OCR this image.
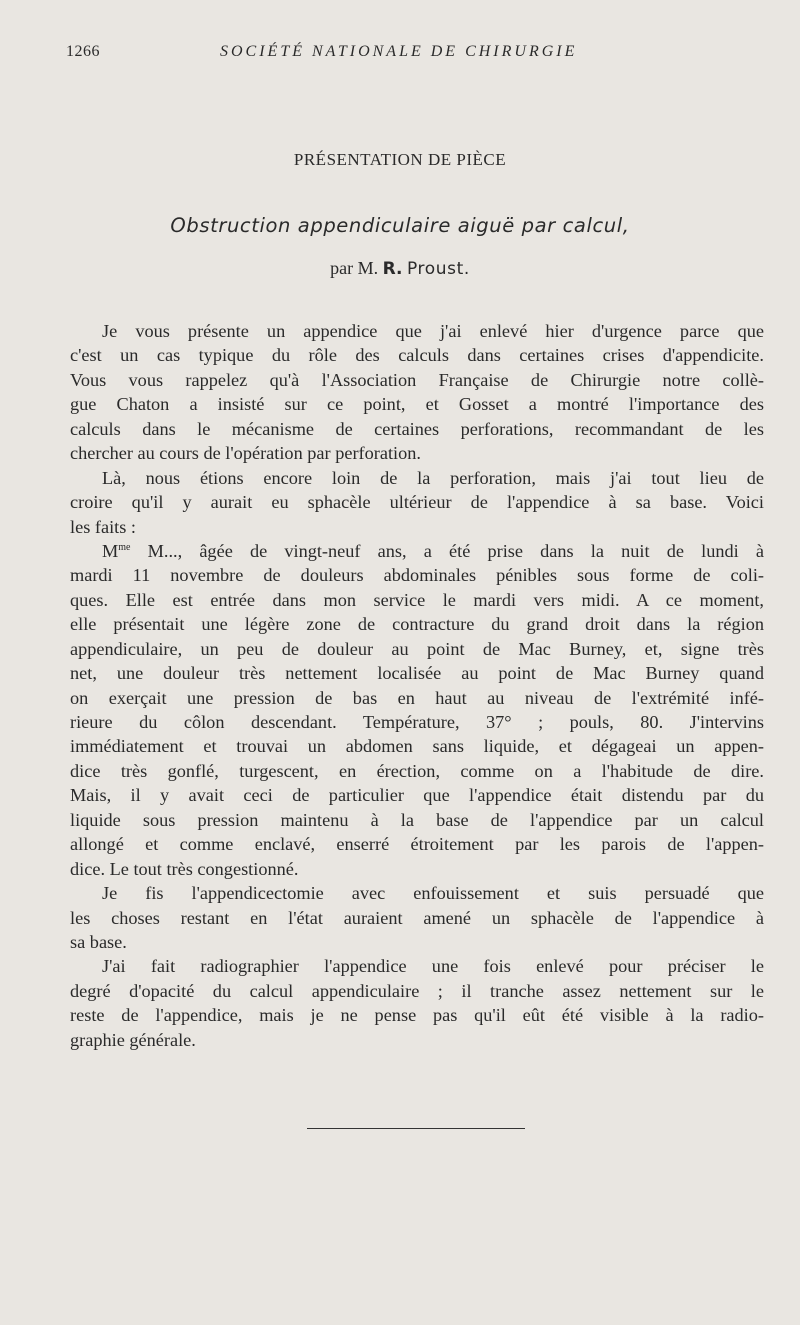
1266	SOCIÉTÉ NATIONALE DE CHIRURGIE
PRÉSENTATION DE PIÈCE
Obstruction appendiculaire aiguë par calcul,
par M. R. Proust.
Je vous présente un appendice que j'ai enlevé hier d'urgence parce que
c'est un cas typique du rôle des calculs dans certaines crises d'appendicite.
Vous vous rappelez qu'à l'Association Française de Chirurgie notre collè-
gue Chaton a insisté sur ce point, et Gosset a montré l'importance des
calculs dans le mécanisme de certaines perforations, recommandant de les
chercher au cours de l'opération par perforation.
Là, nous étions encore loin de la perforation, mais j'ai tout lieu de
croire qu'il y aurait eu sphacèle ultérieur de l'appendice à sa base. Voici
les faits :
$M^{me}$ M..., âgée de vingt-neuf ans, a été prise dans la nuit de lundi à
mardi 11 novembre de douleurs abdominales pénibles sous forme de coli-
ques. Elle est entrée dans mon service le mardi vers midi. A ce moment,
elle présentait une légère zone de contracture du grand droit dans la région
appendiculaire, un peu de douleur au point de Mac Burney, et, signe très
net, une douleur très nettement localisée au point de Mac Burney quand
on exerçait une pression de bas en haut au niveau de l'extrémité infé-
rieure du côlon descendant. Température, 37° ; pouls, 80. J'intervins
immédiatement et trouvai un abdomen sans liquide, et dégageai un appen-
dice très gonflé, turgescent, en érection, comme on a l'habitude de dire.
Mais, il y avait ceci de particulier que l'appendice était distendu par du
liquide sous pression maintenu à la base de l'appendice par un calcul
allongé et comme enclavé, enserré étroitement par les parois de l'appen-
dice. Le tout très congestionné.
Je fis l'appendicectomie avec enfouissement et suis persuadé que
les choses restant en l'état auraient amené un sphacèle de l'appendice à
sa base.
J'ai fait radiographier l'appendice une fois enlevé pour préciser le
degré d'opacité du calcul appendiculaire ; il tranche assez nettement sur le
reste de l'appendice, mais je ne pense pas qu'il eût été visible à la radio-
graphie générale.
